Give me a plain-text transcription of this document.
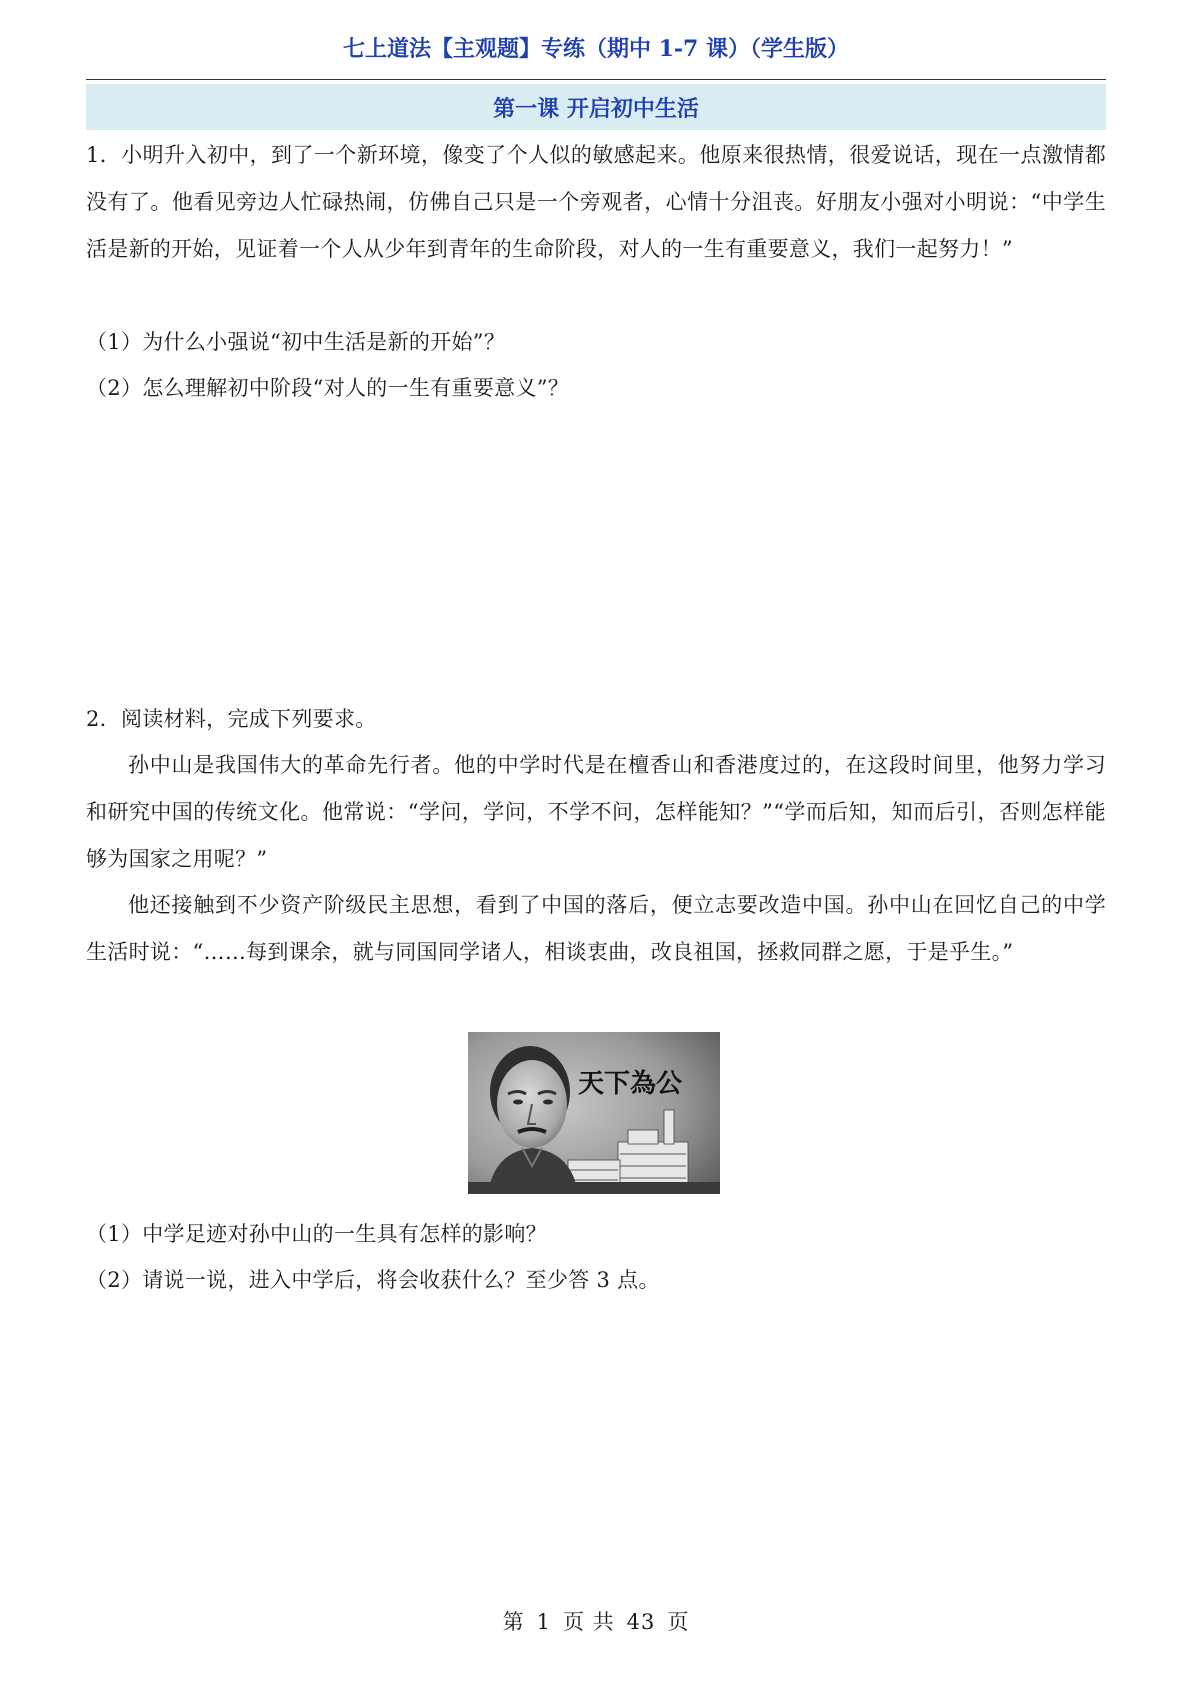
七上道法【主观题】专练（期中 1-7 课）（学生版）
第一课 开启初中生活
1．小明升入初中，到了一个新环境，像变了个人似的敏感起来。他原来很热情，很爱说话，现在一点激情都没有了。他看见旁边人忙碌热闹，仿佛自己只是一个旁观者，心情十分沮丧。好朋友小强对小明说：“中学生活是新的开始，见证着一个人从少年到青年的生命阶段，对人的一生有重要意义，我们一起努力！”
（1）为什么小强说“初中生活是新的开始”？
（2）怎么理解初中阶段“对人的一生有重要意义”？
2．阅读材料，完成下列要求。
孙中山是我国伟大的革命先行者。他的中学时代是在檀香山和香港度过的，在这段时间里，他努力学习和研究中国的传统文化。他常说：“学问，学问，不学不问，怎样能知？”“学而后知，知而后引，否则怎样能够为国家之用呢？”
他还接触到不少资产阶级民主思想，看到了中国的落后，便立志要改造中国。孙中山在回忆自己的中学生活时说：“……每到课余，就与同国同学诸人，相谈衷曲，改良祖国，拯救同群之愿，于是乎生。”
天下為公
（1）中学足迹对孙中山的一生具有怎样的影响？
（2）请说一说，进入中学后，将会收获什么？至少答 3 点。
第 1 页 共 43 页
